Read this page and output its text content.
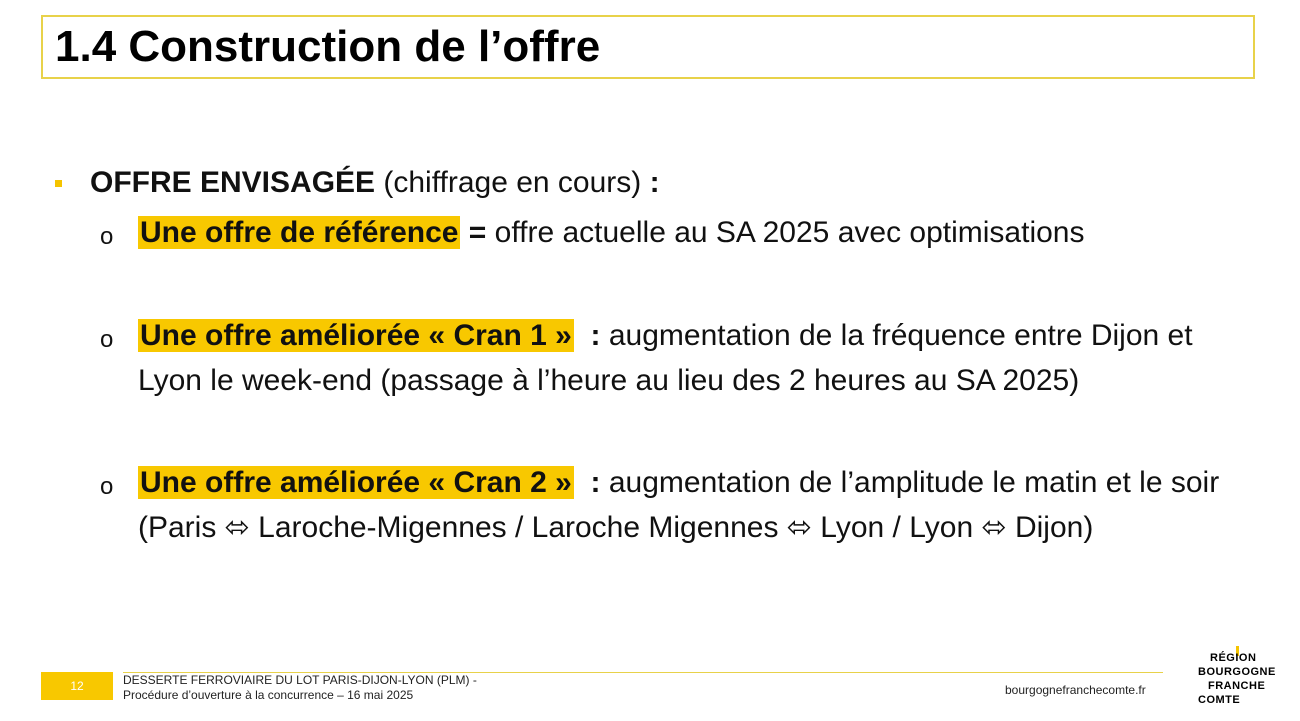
1.4 Construction de l’offre
OFFRE ENVISAGÉE (chiffrage en cours) :
o Une offre de référence = offre actuelle au SA 2025 avec optimisations
o Une offre améliorée « Cran 1 »  : augmentation de la fréquence entre Dijon et Lyon le week-end (passage à l’heure au lieu des 2 heures au SA 2025)
o Une offre améliorée « Cran 2 »  : augmentation de l’amplitude le matin et le soir (Paris ⬄ Laroche-Migennes / Laroche Migennes ⬄ Lyon / Lyon ⬄ Dijon)
12	DESSERTE FERROVIAIRE DU LOT PARIS-DIJON-LYON (PLM) -
Procédure d’ouverture à la concurrence – 16 mai 2025	bourgognefranchecomte.fr
RÉGION
BOURGOGNE
FRANCHE
COMTE
